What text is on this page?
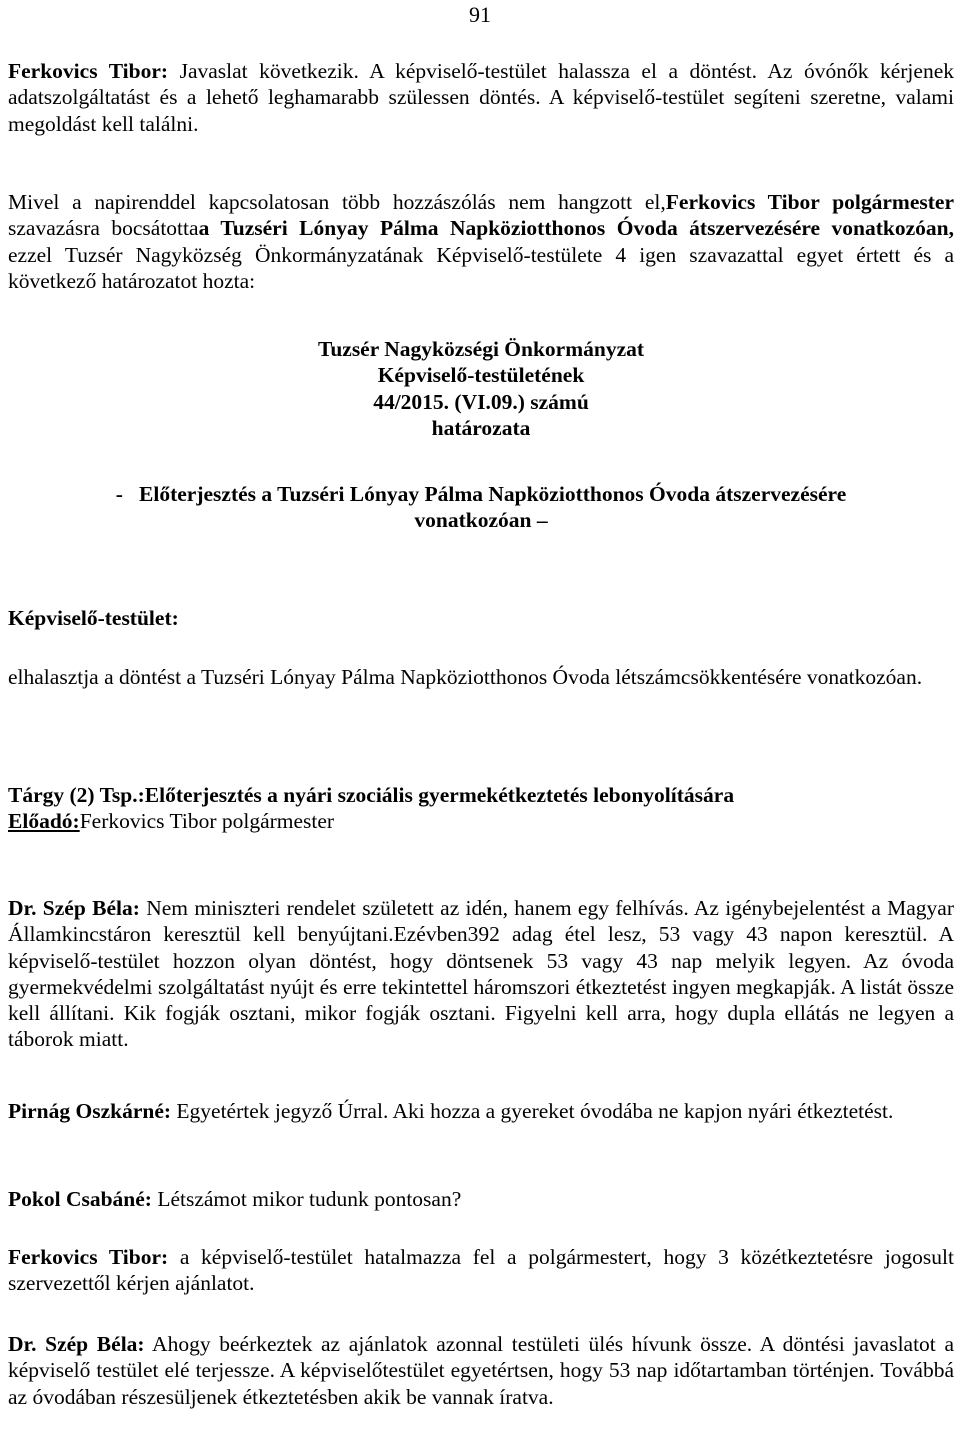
91

Ferkovics Tibor: Javaslat következik. A képviselő-testület halassza el a döntést. Az óvónők kérjenek adatszolgáltatást és a lehető leghamarabb szülessen döntés. A képviselő-testület segíteni szeretne, valami megoldást kell találni.

Mivel a napirenddel kapcsolatosan több hozzászólás nem hangzott el,Ferkovics Tibor polgármester szavazásra bocsátottaa Tuzséri Lónyay Pálma Napköziotthonos Óvoda átszervezésére vonatkozóan, ezzel Tuzsér Nagyközség Önkormányzatának Képviselő-testülete 4 igen szavazattal egyet értett és a következő határozatot hozta:

Tuzsér Nagyközségi Önkormányzat

Képviselő-testületének

44/2015. (VI.09.) számú

határozata

-   Előterjesztés a Tuzséri Lónyay Pálma Napköziotthonos Óvoda átszervezésére

vonatkozóan –

Képviselő-testület:

elhalasztja a döntést a Tuzséri Lónyay Pálma Napköziotthonos Óvoda létszámcsökkentésére vonatkozóan.

Tárgy (2) Tsp.:Előterjesztés a nyári szociális gyermekétkeztetés lebonyolítására

Előadó:Ferkovics Tibor polgármester

Dr. Szép Béla: Nem miniszteri rendelet született az idén, hanem egy felhívás. Az igénybejelentést a Magyar Államkincstáron keresztül kell benyújtani.Ezévben392 adag étel lesz, 53 vagy 43 napon keresztül. A képviselő-testület hozzon olyan döntést, hogy döntsenek 53 vagy 43 nap melyik legyen. Az óvoda gyermekvédelmi szolgáltatást nyújt és erre tekintettel háromszori étkeztetést ingyen megkapják. A listát össze kell állítani. Kik fogják osztani, mikor fogják osztani. Figyelni kell arra, hogy dupla ellátás ne legyen a táborok miatt.

Pirnág Oszkárné: Egyetértek jegyző Úrral. Aki hozza a gyereket óvodába ne kapjon nyári étkeztetést.

Pokol Csabáné: Létszámot mikor tudunk pontosan?

Ferkovics Tibor: a képviselő-testület hatalmazza fel a polgármestert, hogy 3 közétkeztetésre jogosult szervezettől kérjen ajánlatot.

Dr. Szép Béla: Ahogy beérkeztek az ajánlatok azonnal testületi ülés hívunk össze. A döntési javaslatot a képviselő testület elé terjessze. A képviselőtestület egyetértsen, hogy 53 nap időtartamban történjen. Továbbá az óvodában részesüljenek étkeztetésben akik be vannak íratva.
